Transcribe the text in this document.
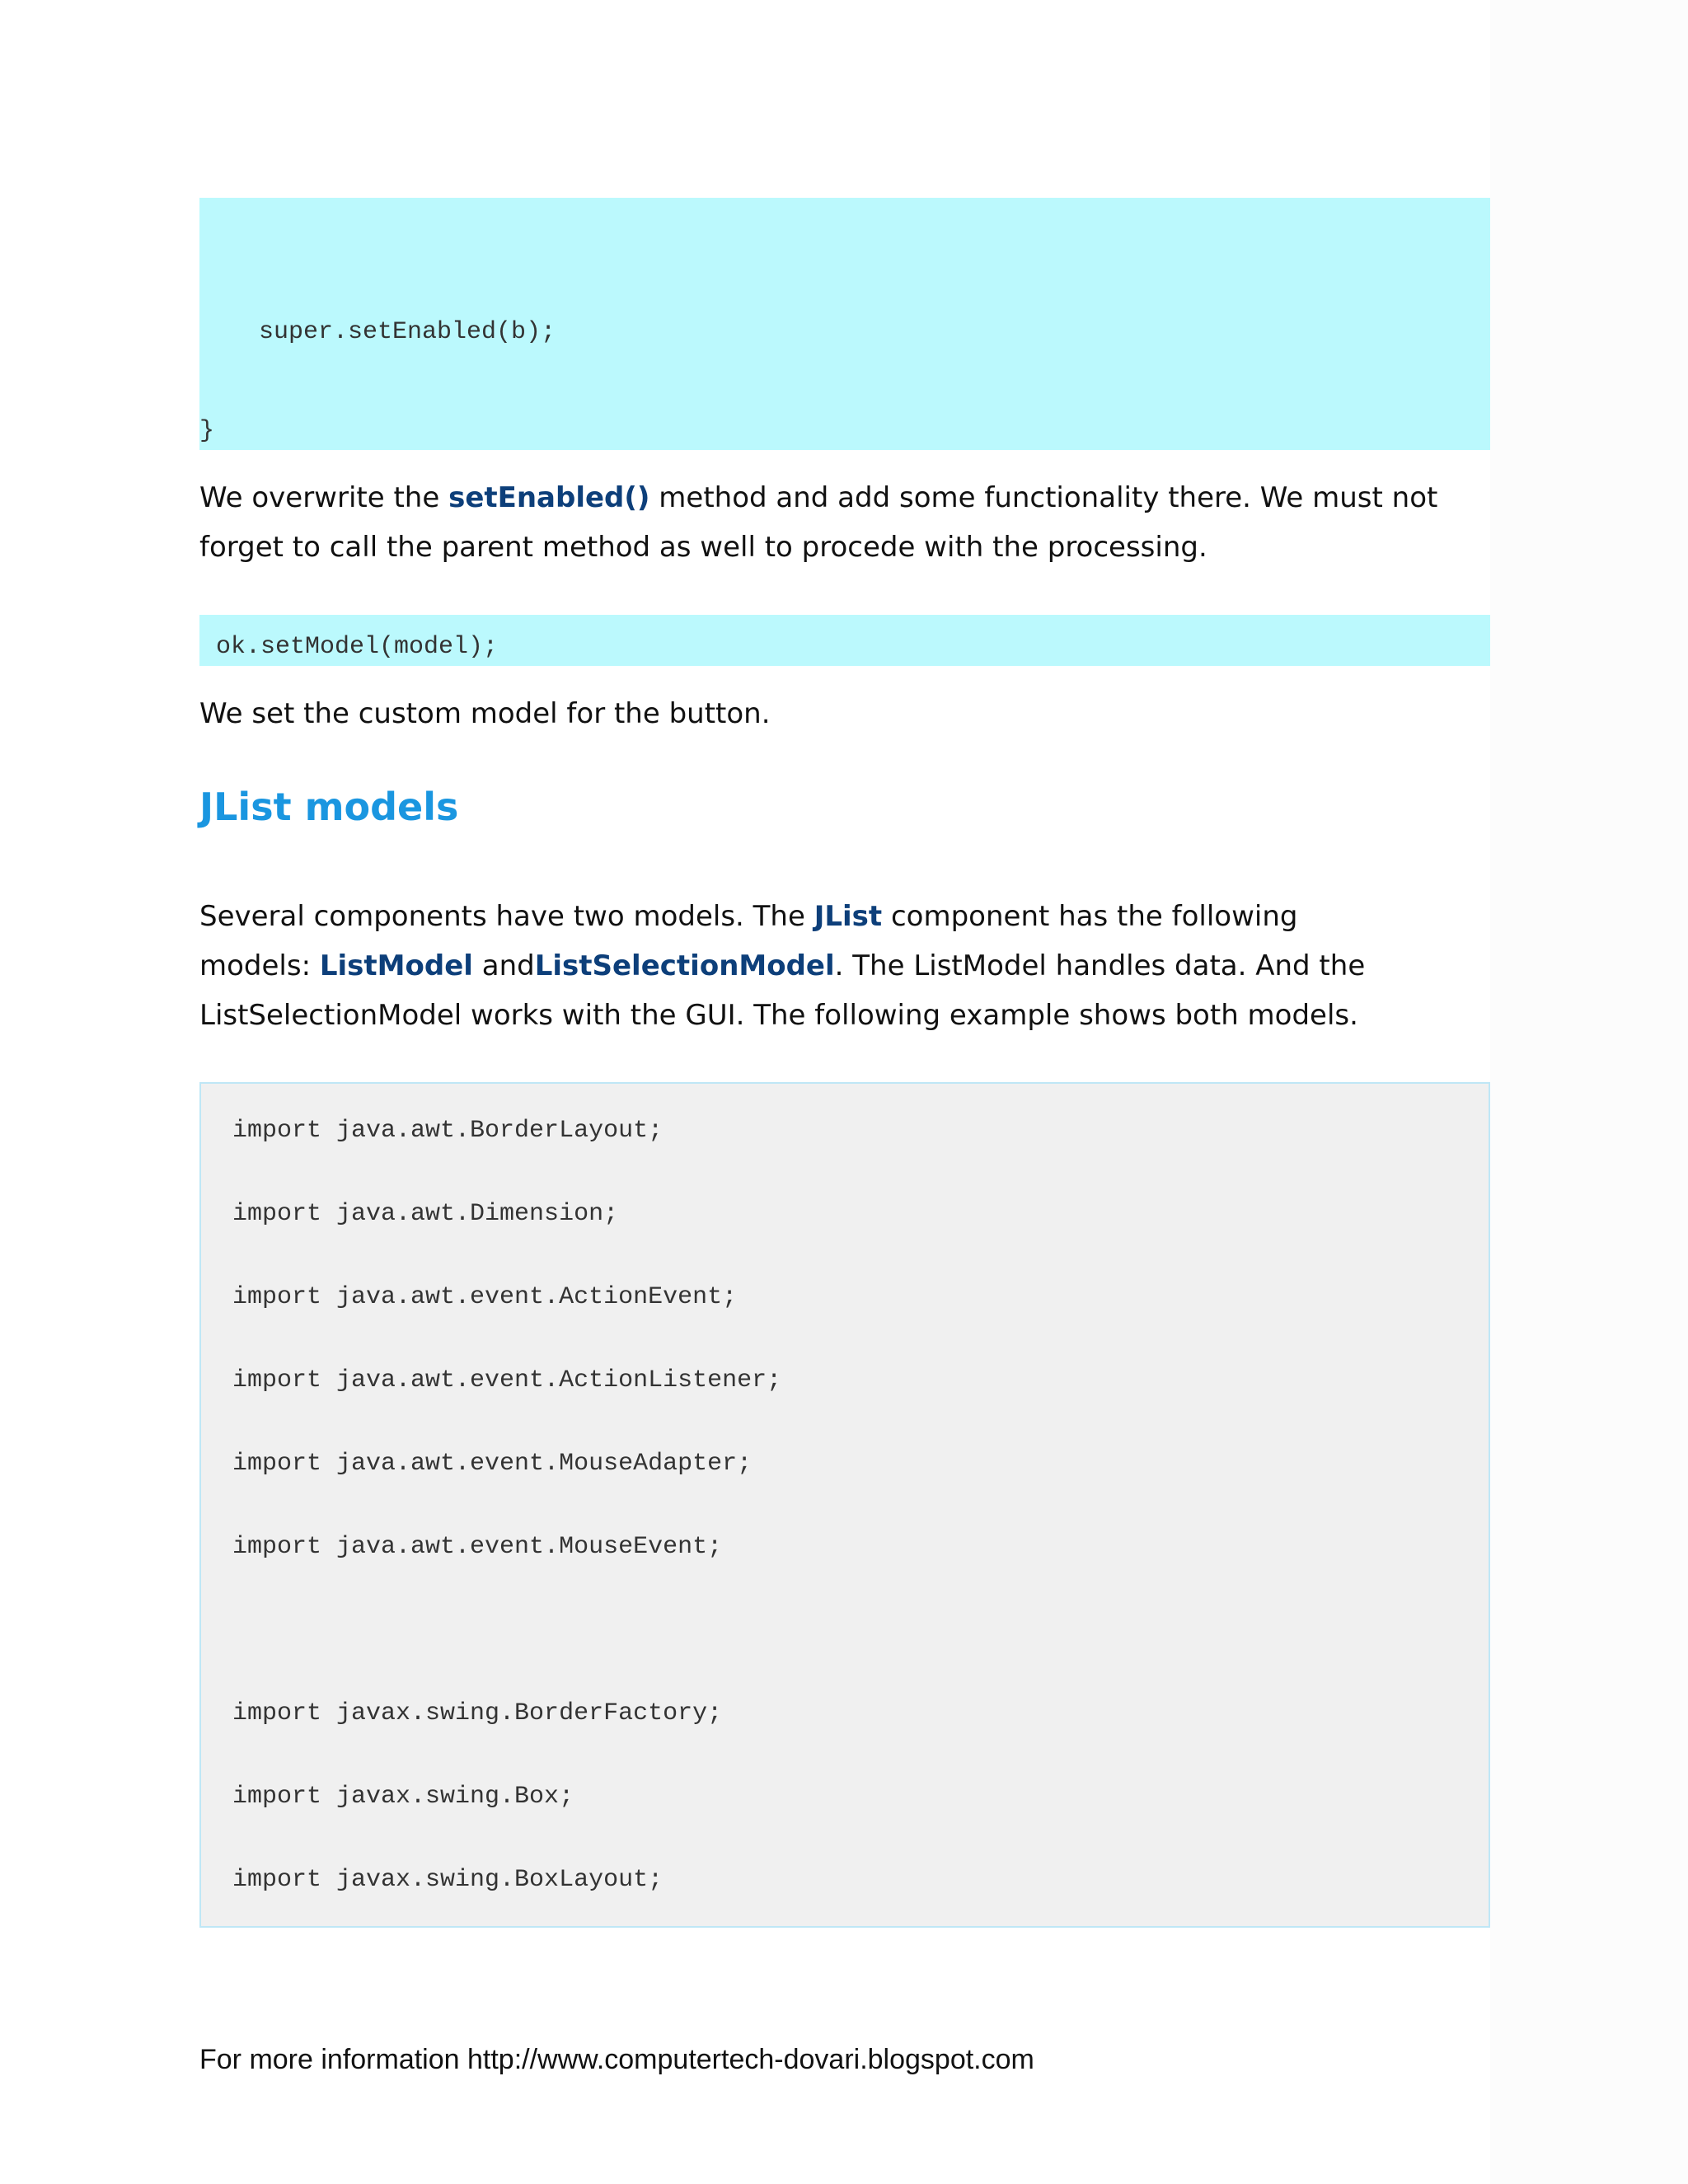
super.setEnabled(b);
}
We overwrite the setEnabled() method and add some functionality there. We must not
forget to call the parent method as well to procede with the processing.
ok.setModel(model);
We set the custom model for the button.
JList models
Several components have two models. The JList component has the following
models: ListModel andListSelectionModel. The ListModel handles data. And the
ListSelectionModel works with the GUI. The following example shows both models.
import java.awt.BorderLayout;
import java.awt.Dimension;
import java.awt.event.ActionEvent;
import java.awt.event.ActionListener;
import java.awt.event.MouseAdapter;
import java.awt.event.MouseEvent;
import javax.swing.BorderFactory;
import javax.swing.Box;
import javax.swing.BoxLayout;
For more information http://www.computertech-dovari.blogspot.com
